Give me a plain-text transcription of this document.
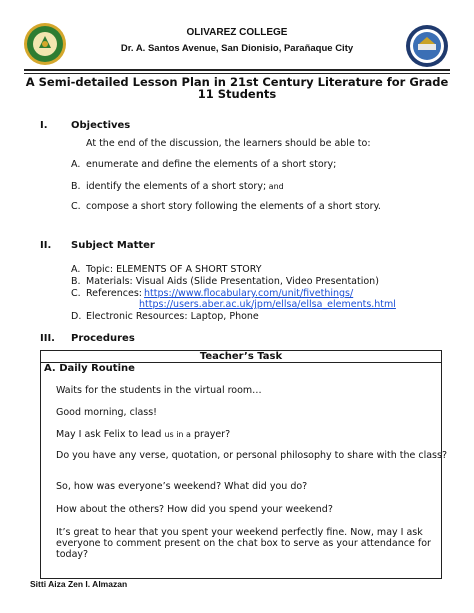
OLIVAREZ COLLEGE
Dr. A. Santos Avenue, San Dionisio, Parañaque City
A Semi-detailed Lesson Plan in 21st Century Literature for Grade 11 Students
I. Objectives
At the end of the discussion, the learners should be able to:
A. enumerate and define the elements of a short story;
B. identify the elements of a short story; and
C. compose a short story following the elements of a short story.
II. Subject Matter
A. Topic: ELEMENTS OF A SHORT STORY
B. Materials: Visual Aids (Slide Presentation, Video Presentation)
C. References: https://www.flocabulary.com/unit/fivethings/
https://users.aber.ac.uk/jpm/ellsa/ellsa_elements.html
D. Electronic Resources: Laptop, Phone
III. Procedures
Teacher’s Task
A. Daily Routine
Waits for the students in the virtual room…
Good morning, class!
May I ask Felix to lead us in a prayer?
Do you have any verse, quotation, or personal philosophy to share with the class?
So, how was everyone’s weekend? What did you do?
How about the others? How did you spend your weekend?
It’s great to hear that you spent your weekend perfectly fine. Now, may I ask
everyone to comment present on the chat box to serve as your attendance for
today?
Sitti Aiza Zen I. Almazan
